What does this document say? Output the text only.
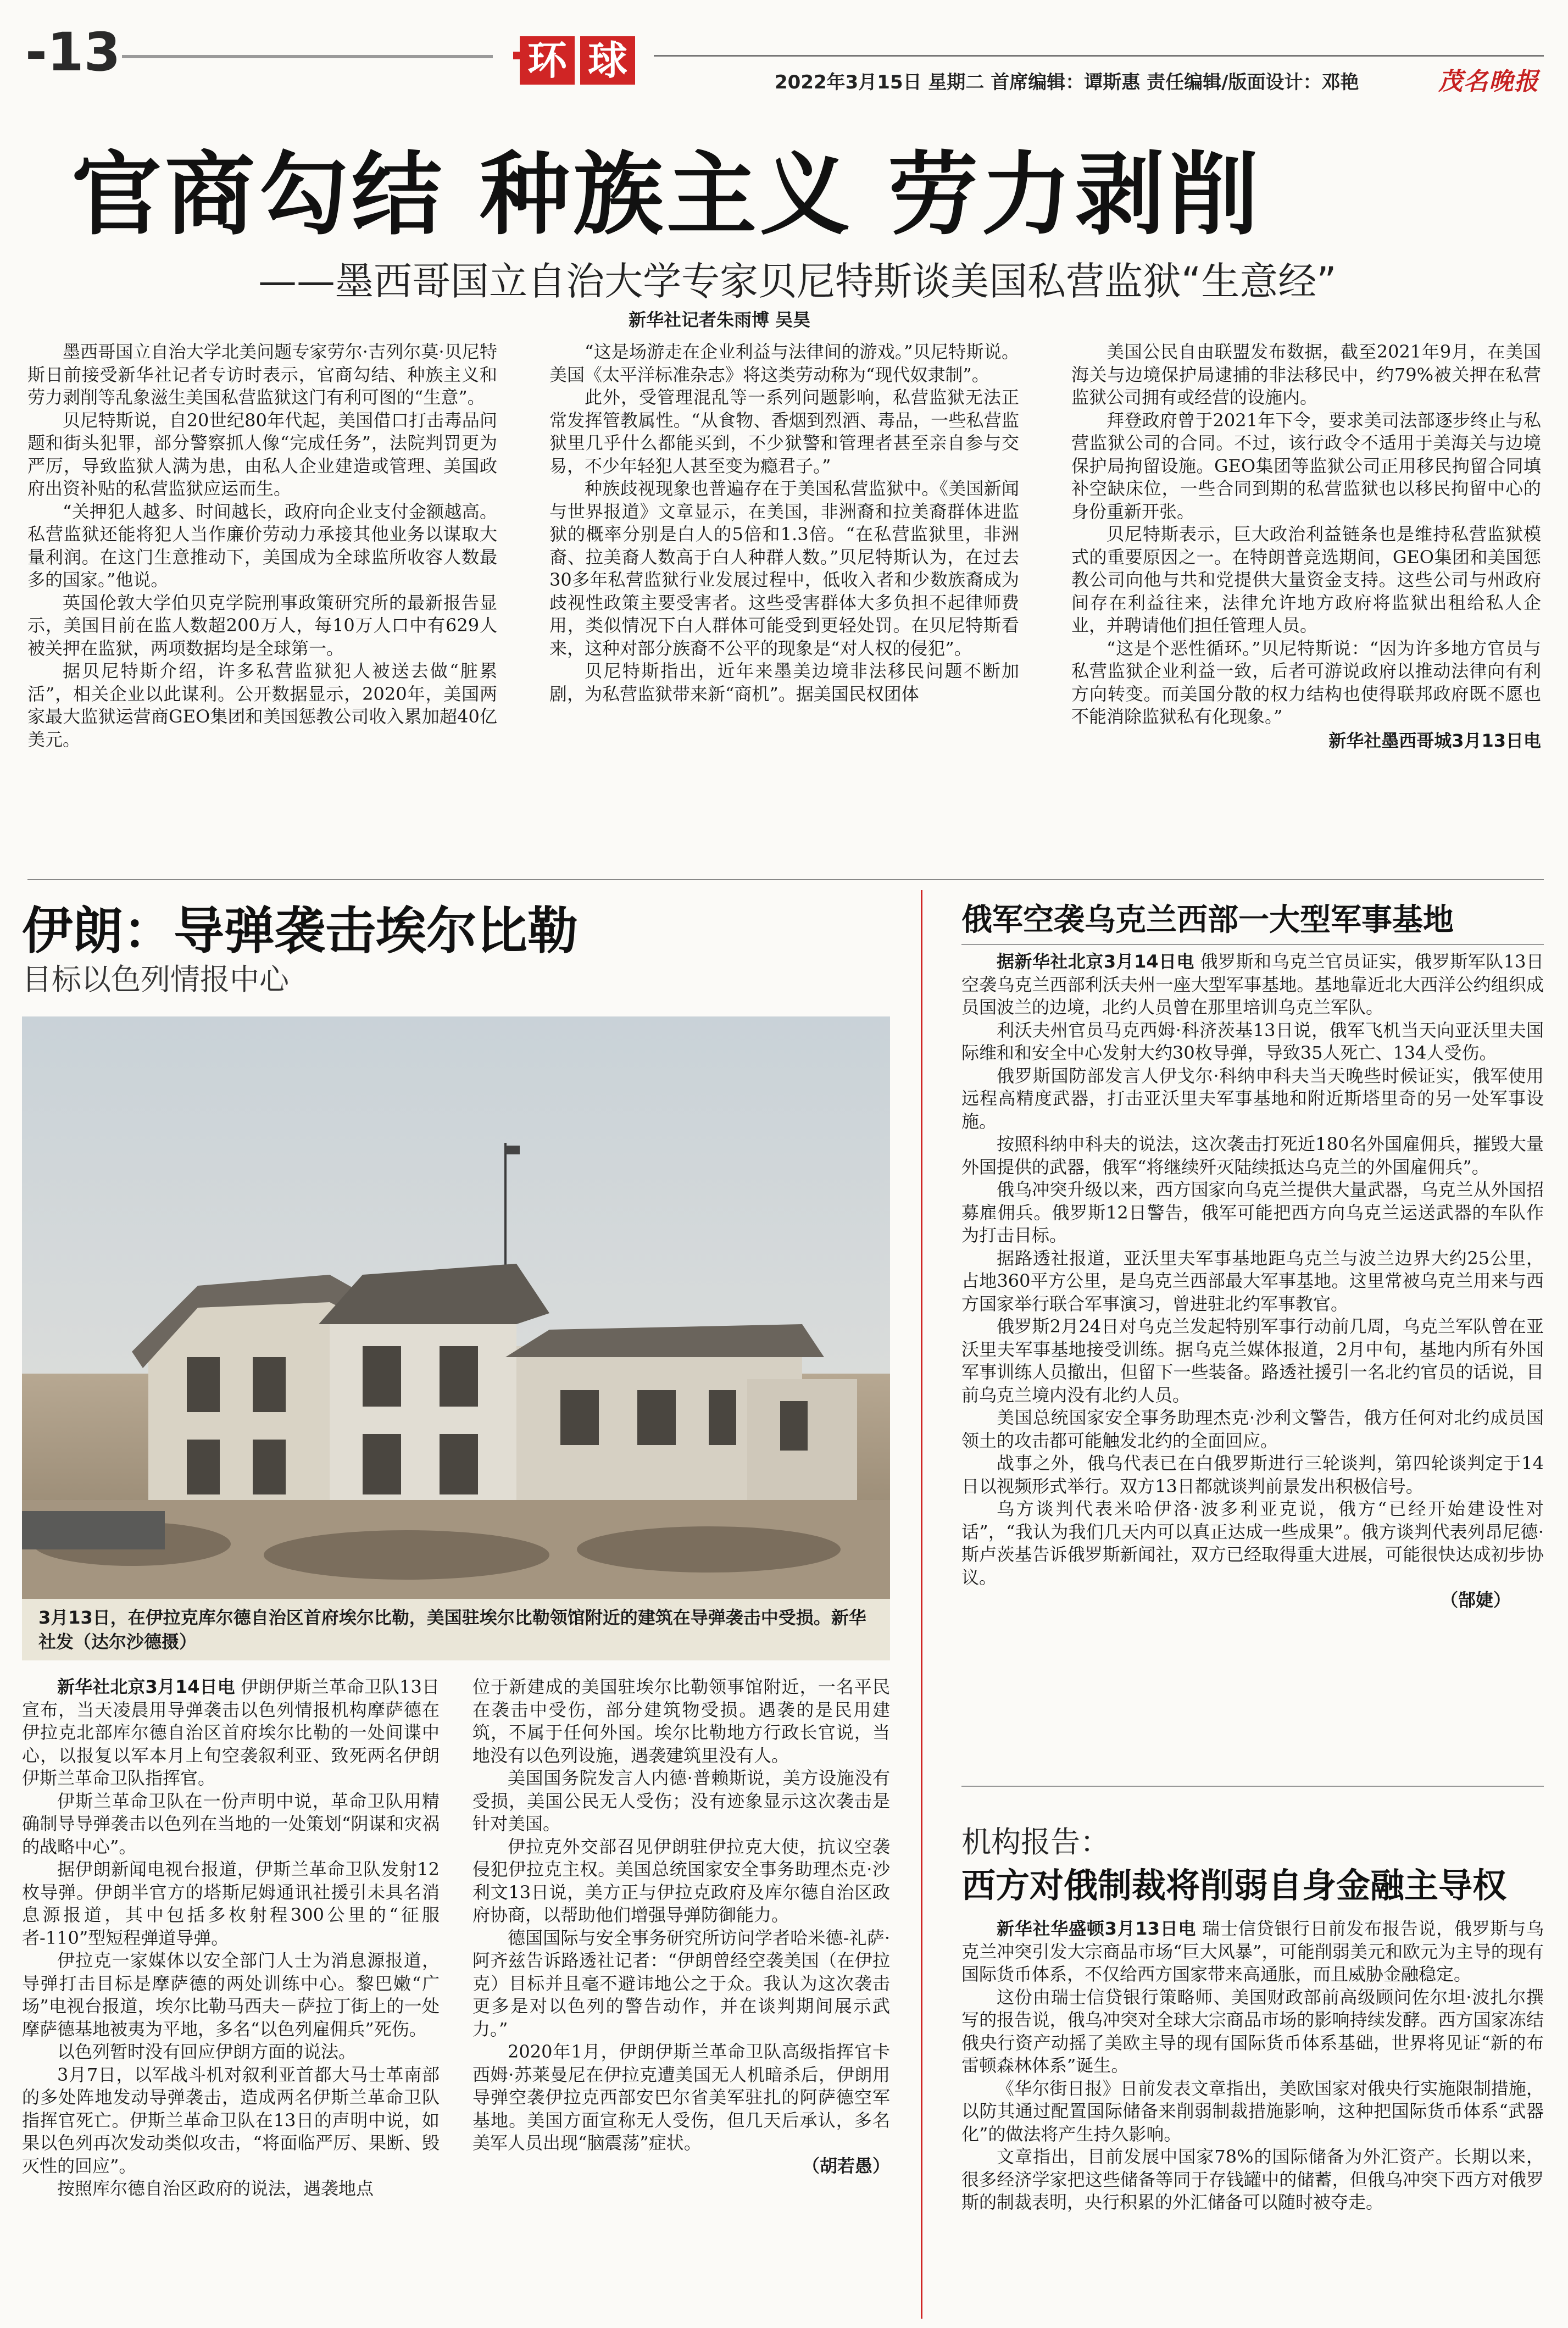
-13	环 球	2022年3月15日 星期二 首席编辑：谭斯惠 责任编辑/版面设计：邓艳	茂名晚报
官商勾结 种族主义 劳力剥削
——墨西哥国立自治大学专家贝尼特斯谈美国私营监狱“生意经”
新华社记者朱雨博 吴昊

墨西哥国立自治大学北美问题专家劳尔·吉列尔莫·贝尼特斯日前接受新华社记者专访时表示，官商勾结、种族主义和劳力剥削等乱象滋生美国私营监狱这门有利可图的“生意”。

贝尼特斯说，自20世纪80年代起，美国借口打击毒品问题和街头犯罪，部分警察抓人像“完成任务”，法院判罚更为严厉，导致监狱人满为患，由私人企业建造或管理、美国政府出资补贴的私营监狱应运而生。

“关押犯人越多、时间越长，政府向企业支付金额越高。私营监狱还能将犯人当作廉价劳动力承接其他业务以谋取大量利润。在这门生意推动下，美国成为全球监所收容人数最多的国家。”他说。

英国伦敦大学伯贝克学院刑事政策研究所的最新报告显示，美国目前在监人数超200万人，每10万人口中有629人被关押在监狱，两项数据均是全球第一。

据贝尼特斯介绍，许多私营监狱犯人被送去做“脏累活”，相关企业以此谋利。公开数据显示，2020年，美国两家最大监狱运营商GEO集团和美国惩教公司收入累加超40亿美元。

“这是场游走在企业利益与法律间的游戏。”贝尼特斯说。美国《太平洋标准杂志》将这类劳动称为“现代奴隶制”。

此外，受管理混乱等一系列问题影响，私营监狱无法正常发挥管教属性。“从食物、香烟到烈酒、毒品，一些私营监狱里几乎什么都能买到，不少狱警和管理者甚至亲自参与交易，不少年轻犯人甚至变为瘾君子。”

种族歧视现象也普遍存在于美国私营监狱中。《美国新闻与世界报道》文章显示，在美国，非洲裔和拉美裔群体进监狱的概率分别是白人的5倍和1.3倍。“在私营监狱里，非洲裔、拉美裔人数高于白人种群人数。”贝尼特斯认为，在过去30多年私营监狱行业发展过程中，低收入者和少数族裔成为歧视性政策主要受害者。这些受害群体大多负担不起律师费用，类似情况下白人群体可能受到更轻处罚。在贝尼特斯看来，这种对部分族裔不公平的现象是“对人权的侵犯”。

贝尼特斯指出，近年来墨美边境非法移民问题不断加剧，为私营监狱带来新“商机”。据美国民权团体

美国公民自由联盟发布数据，截至2021年9月，在美国海关与边境保护局逮捕的非法移民中，约79%被关押在私营监狱公司拥有或经营的设施内。

拜登政府曾于2021年下令，要求美司法部逐步终止与私营监狱公司的合同。不过，该行政令不适用于美海关与边境保护局拘留设施。GEO集团等监狱公司正用移民拘留合同填补空缺床位，一些合同到期的私营监狱也以移民拘留中心的身份重新开张。

贝尼特斯表示，巨大政治利益链条也是维持私营监狱模式的重要原因之一。在特朗普竞选期间，GEO集团和美国惩教公司向他与共和党提供大量资金支持。这些公司与州政府间存在利益往来，法律允许地方政府将监狱出租给私人企业，并聘请他们担任管理人员。

“这是个恶性循环。”贝尼特斯说：“因为许多地方官员与私营监狱企业利益一致，后者可游说政府以推动法律向有利方向转变。而美国分散的权力结构也使得联邦政府既不愿也不能消除监狱私有化现象。”

新华社墨西哥城3月13日电
伊朗：导弹袭击埃尔比勒
目标以色列情报中心
3月13日，在伊拉克库尔德自治区首府埃尔比勒，美国驻埃尔比勒领馆附近的建筑在导弹袭击中受损。新华社发（达尔沙德摄）

新华社北京3月14日电 伊朗伊斯兰革命卫队13日宣布，当天凌晨用导弹袭击以色列情报机构摩萨德在伊拉克北部库尔德自治区首府埃尔比勒的一处间谍中心，以报复以军本月上旬空袭叙利亚、致死两名伊朗伊斯兰革命卫队指挥官。

伊斯兰革命卫队在一份声明中说，革命卫队用精确制导导弹袭击以色列在当地的一处策划“阴谋和灾祸的战略中心”。

据伊朗新闻电视台报道，伊斯兰革命卫队发射12枚导弹。伊朗半官方的塔斯尼姆通讯社援引未具名消息源报道，其中包括多枚射程300公里的“征服者-110”型短程弹道导弹。

伊拉克一家媒体以安全部门人士为消息源报道，导弹打击目标是摩萨德的两处训练中心。黎巴嫩“广场”电视台报道，埃尔比勒马西夫－萨拉丁街上的一处摩萨德基地被夷为平地，多名“以色列雇佣兵”死伤。

以色列暂时没有回应伊朗方面的说法。

3月7日，以军战斗机对叙利亚首都大马士革南部的多处阵地发动导弹袭击，造成两名伊斯兰革命卫队指挥官死亡。伊斯兰革命卫队在13日的声明中说，如果以色列再次发动类似攻击，“将面临严厉、果断、毁灭性的回应”。

按照库尔德自治区政府的说法，遇袭地点

位于新建成的美国驻埃尔比勒领事馆附近，一名平民在袭击中受伤，部分建筑物受损。遇袭的是民用建筑，不属于任何外国。埃尔比勒地方行政长官说，当地没有以色列设施，遇袭建筑里没有人。

美国国务院发言人内德·普赖斯说，美方设施没有受损，美国公民无人受伤；没有迹象显示这次袭击是针对美国。

伊拉克外交部召见伊朗驻伊拉克大使，抗议空袭侵犯伊拉克主权。美国总统国家安全事务助理杰克·沙利文13日说，美方正与伊拉克政府及库尔德自治区政府协商，以帮助他们增强导弹防御能力。

德国国际与安全事务研究所访问学者哈米德-礼萨·阿齐兹告诉路透社记者：“伊朗曾经空袭美国（在伊拉克）目标并且毫不避讳地公之于众。我认为这次袭击更多是对以色列的警告动作，并在谈判期间展示武力。”

2020年1月，伊朗伊斯兰革命卫队高级指挥官卡西姆·苏莱曼尼在伊拉克遭美国无人机暗杀后，伊朗用导弹空袭伊拉克西部安巴尔省美军驻扎的阿萨德空军基地。美国方面宣称无人受伤，但几天后承认，多名美军人员出现“脑震荡”症状。

（胡若愚）
俄军空袭乌克兰西部一大型军事基地

据新华社北京3月14日电 俄罗斯和乌克兰官员证实，俄罗斯军队13日空袭乌克兰西部利沃夫州一座大型军事基地。基地靠近北大西洋公约组织成员国波兰的边境，北约人员曾在那里培训乌克兰军队。

利沃夫州官员马克西姆·科济茨基13日说，俄军飞机当天向亚沃里夫国际维和和安全中心发射大约30枚导弹，导致35人死亡、134人受伤。

俄罗斯国防部发言人伊戈尔·科纳申科夫当天晚些时候证实，俄军使用远程高精度武器，打击亚沃里夫军事基地和附近斯塔里奇的另一处军事设施。

按照科纳申科夫的说法，这次袭击打死近180名外国雇佣兵，摧毁大量外国提供的武器，俄军“将继续歼灭陆续抵达乌克兰的外国雇佣兵”。

俄乌冲突升级以来，西方国家向乌克兰提供大量武器，乌克兰从外国招募雇佣兵。俄罗斯12日警告，俄军可能把西方向乌克兰运送武器的车队作为打击目标。

据路透社报道，亚沃里夫军事基地距乌克兰与波兰边界大约25公里，占地360平方公里，是乌克兰西部最大军事基地。这里常被乌克兰用来与西方国家举行联合军事演习，曾进驻北约军事教官。

俄罗斯2月24日对乌克兰发起特别军事行动前几周，乌克兰军队曾在亚沃里夫军事基地接受训练。据乌克兰媒体报道，2月中旬，基地内所有外国军事训练人员撤出，但留下一些装备。路透社援引一名北约官员的话说，目前乌克兰境内没有北约人员。

美国总统国家安全事务助理杰克·沙利文警告，俄方任何对北约成员国领土的攻击都可能触发北约的全面回应。

战事之外，俄乌代表已在白俄罗斯进行三轮谈判，第四轮谈判定于14日以视频形式举行。双方13日都就谈判前景发出积极信号。

乌方谈判代表米哈伊洛·波多利亚克说，俄方“已经开始建设性对话”，“我认为我们几天内可以真正达成一些成果”。俄方谈判代表列昂尼德·斯卢茨基告诉俄罗斯新闻社，双方已经取得重大进展，可能很快达成初步协议。

（郜婕）
机构报告：
西方对俄制裁将削弱自身金融主导权

新华社华盛顿3月13日电 瑞士信贷银行日前发布报告说，俄罗斯与乌克兰冲突引发大宗商品市场“巨大风暴”，可能削弱美元和欧元为主导的现有国际货币体系，不仅给西方国家带来高通胀，而且威胁金融稳定。

这份由瑞士信贷银行策略师、美国财政部前高级顾问佐尔坦·波扎尔撰写的报告说，俄乌冲突对全球大宗商品市场的影响持续发酵。西方国家冻结俄央行资产动摇了美欧主导的现有国际货币体系基础，世界将见证“新的布雷顿森林体系”诞生。

《华尔街日报》日前发表文章指出，美欧国家对俄央行实施限制措施，以防其通过配置国际储备来削弱制裁措施影响，这种把国际货币体系“武器化”的做法将产生持久影响。

文章指出，目前发展中国家78%的国际储备为外汇资产。长期以来，很多经济学家把这些储备等同于存钱罐中的储蓄，但俄乌冲突下西方对俄罗斯的制裁表明，央行积累的外汇储备可以随时被夺走。
